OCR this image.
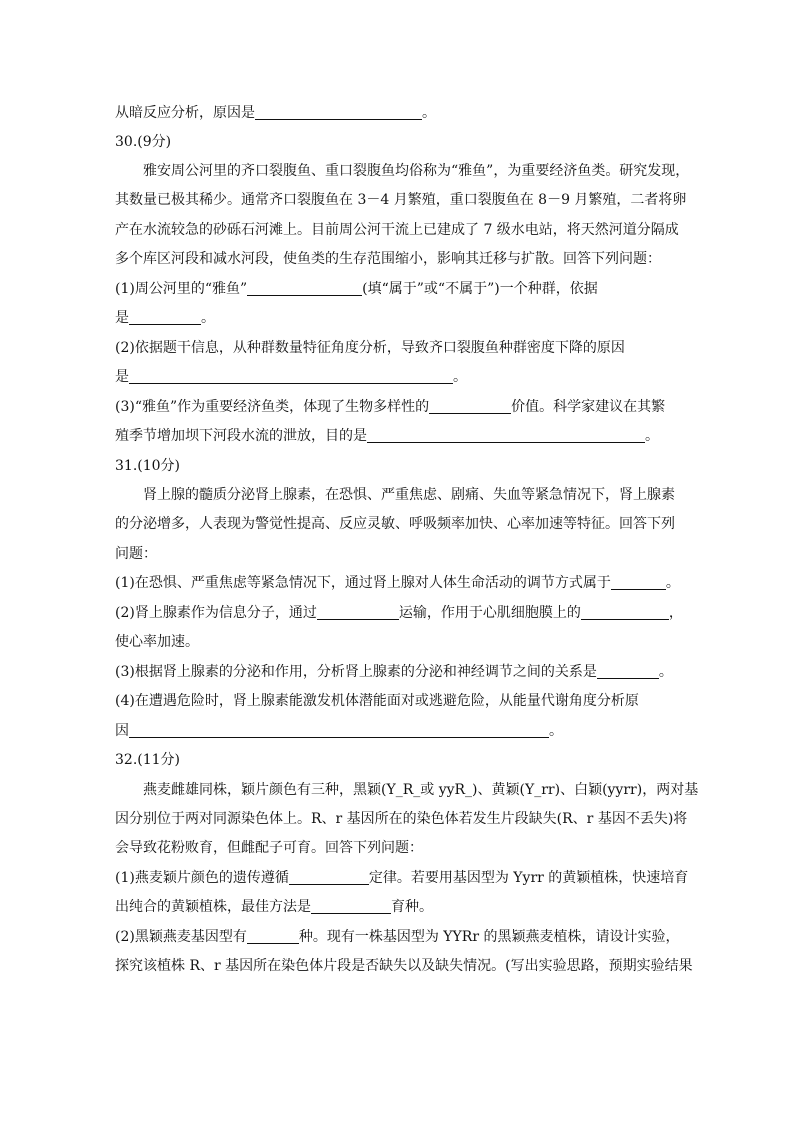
从暗反应分析，原因是	。
30.(9分)
雅安周公河里的齐口裂腹鱼、重口裂腹鱼均俗称为“雅鱼”，为重要经济鱼类。研究发现，
其数量已极其稀少。通常齐口裂腹鱼在 3－4 月繁殖，重口裂腹鱼在 8－9 月繁殖，二者将卵
产在水流较急的砂砾石河滩上。目前周公河干流上已建成了 7 级水电站，将天然河道分隔成
多个库区河段和减水河段，使鱼类的生存范围缩小，影响其迁移与扩散。回答下列问题：
(1)周公河里的“雅鱼”	(填“属于”或“不属于”)一个种群，依据
是	。
(2)依据题干信息，从种群数量特征角度分析，导致齐口裂腹鱼种群密度下降的原因
是	。
(3)“雅鱼”作为重要经济鱼类，体现了生物多样性的	价值。科学家建议在其繁
殖季节增加坝下河段水流的泄放，目的是	。
31.(10分)
肾上腺的髓质分泌肾上腺素，在恐惧、严重焦虑、剧痛、失血等紧急情况下，肾上腺素
的分泌增多，人表现为警觉性提高、反应灵敏、呼吸频率加快、心率加速等特征。回答下列
问题：
(1)在恐惧、严重焦虑等紧急情况下，通过肾上腺对人体生命活动的调节方式属于	。
(2)肾上腺素作为信息分子，通过	运输，作用于心肌细胞膜上的	，
使心率加速。
(3)根据肾上腺素的分泌和作用，分析肾上腺素的分泌和神经调节之间的关系是	。
(4)在遭遇危险时，肾上腺素能激发机体潜能面对或逃避危险，从能量代谢角度分析原
因	。
32.(11分)
燕麦雌雄同株，颖片颜色有三种，黑颖(Y_R_或 yyR_)、黄颖(Y_rr)、白颖(yyrr)，两对基
因分别位于两对同源染色体上。R、r 基因所在的染色体若发生片段缺失(R、r 基因不丢失)将
会导致花粉败育，但雌配子可育。回答下列问题：
(1)燕麦颖片颜色的遗传遵循	定律。若要用基因型为 Yyrr 的黄颖植株，快速培育
出纯合的黄颖植株，最佳方法是	育种。
(2)黑颖燕麦基因型有	种。现有一株基因型为 YYRr 的黑颖燕麦植株，请设计实验，
探究该植株 R、r 基因所在染色体片段是否缺失以及缺失情况。(写出实验思路，预期实验结果
